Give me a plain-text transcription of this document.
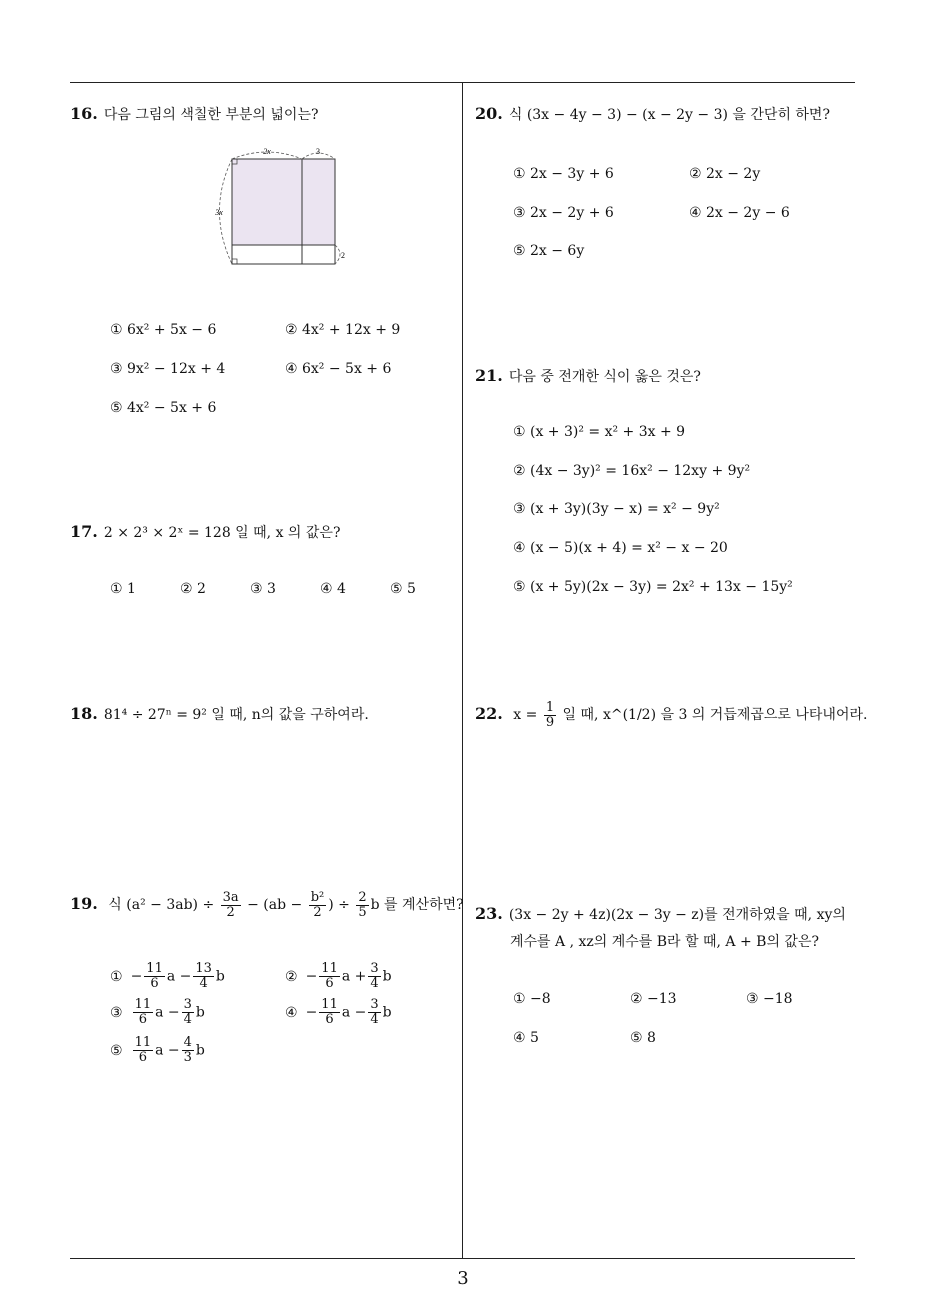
16. 다음 그림의 색칠한 부분의 넓이는?
2x	3
3x
2
① 6x² + 5x − 6	② 4x² + 12x + 9
③ 9x² − 12x + 4	④ 6x² − 5x + 6
⑤ 4x² − 5x + 6
17. 2 × 2³ × 2ˣ = 128 일 때, x 의 값은?
① 1	② 2	③ 3	④ 4	⑤ 5
18. 81⁴ ÷ 27ⁿ = 9² 일 때, n의 값을 구하여라.
19. 식 $(a^2 - 3ab) \div \frac{3a}{2} - (ab - \frac{\text{b²}}{2}$ ) ÷ $\frac{2}{5}$ b 를 계산하면?
① − $\frac{11}{6}$ $a - \frac{13}{4}$ b	② − $\frac{11}{6}$ $a + \frac{3}{4}$ b
③ $\frac{11}{6}$ $a - \frac{3}{4}$ b	④ − $\frac{11}{6}$ $a - \frac{3}{4}$ b
⑤ $\frac{11}{6}$ $a - \frac{4}{3}$ b
20. 식 (3x − 4y − 3) − (x − 2y − 3) 을 간단히 하면?
① 2x − 3y + 6	② 2x − 2y
③ 2x − 2y + 6	④ 2x − 2y − 6
⑤ 2x − 6y
21. 다음 중 전개한 식이 옳은 것은?
① (x + 3)² = x² + 3x + 9
② (4x − 3y)² = 16x² − 12xy + 9y²
③ (x + 3y)(3y − x) = x² − 9y²
④ (x − 5)(x + 4) = x² − x − 20
⑤ (x + 5y)(2x − 3y) = 2x² + 13x − 15y²
22. $x = \frac{1}{9}$ 일 때, x^(1/2) 을 3 의 거듭제곱으로 나타내어라.
23. (3x − 2y + 4z)(2x − 3y − z)를 전개하였을 때, xy의
계수를 A , xz의 계수를 B라 할 때, A + B의 값은?
① −8	② −13	③ −18
④ 5	⑤ 8
3
